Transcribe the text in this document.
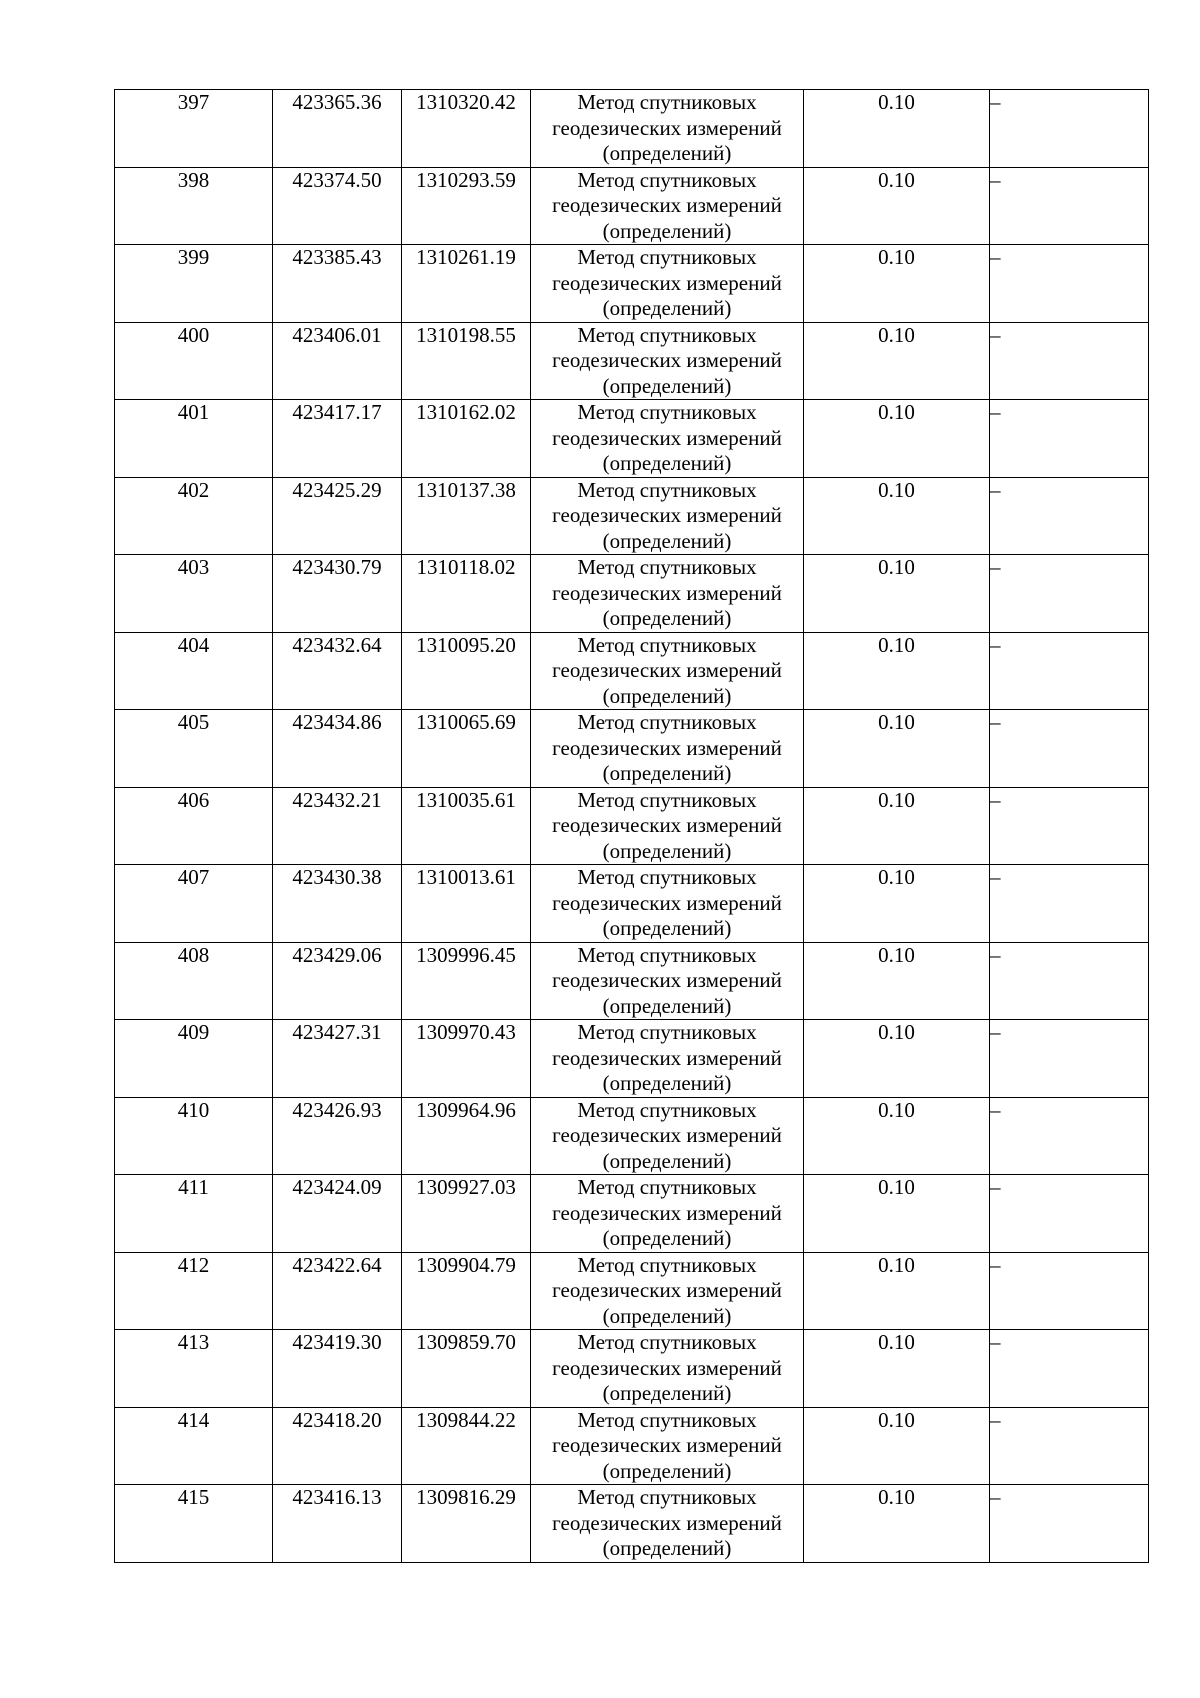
397	423365.36	1310320.42	Метод спутниковых
геодезических измерений
(определений)	0.10	–
398	423374.50	1310293.59	Метод спутниковых
геодезических измерений
(определений)	0.10	–
399	423385.43	1310261.19	Метод спутниковых
геодезических измерений
(определений)	0.10	–
400	423406.01	1310198.55	Метод спутниковых
геодезических измерений
(определений)	0.10	–
401	423417.17	1310162.02	Метод спутниковых
геодезических измерений
(определений)	0.10	–
402	423425.29	1310137.38	Метод спутниковых
геодезических измерений
(определений)	0.10	–
403	423430.79	1310118.02	Метод спутниковых
геодезических измерений
(определений)	0.10	–
404	423432.64	1310095.20	Метод спутниковых
геодезических измерений
(определений)	0.10	–
405	423434.86	1310065.69	Метод спутниковых
геодезических измерений
(определений)	0.10	–
406	423432.21	1310035.61	Метод спутниковых
геодезических измерений
(определений)	0.10	–
407	423430.38	1310013.61	Метод спутниковых
геодезических измерений
(определений)	0.10	–
408	423429.06	1309996.45	Метод спутниковых
геодезических измерений
(определений)	0.10	–
409	423427.31	1309970.43	Метод спутниковых
геодезических измерений
(определений)	0.10	–
410	423426.93	1309964.96	Метод спутниковых
геодезических измерений
(определений)	0.10	–
411	423424.09	1309927.03	Метод спутниковых
геодезических измерений
(определений)	0.10	–
412	423422.64	1309904.79	Метод спутниковых
геодезических измерений
(определений)	0.10	–
413	423419.30	1309859.70	Метод спутниковых
геодезических измерений
(определений)	0.10	–
414	423418.20	1309844.22	Метод спутниковых
геодезических измерений
(определений)	0.10	–
415	423416.13	1309816.29	Метод спутниковых
геодезических измерений
(определений)	0.10	–
